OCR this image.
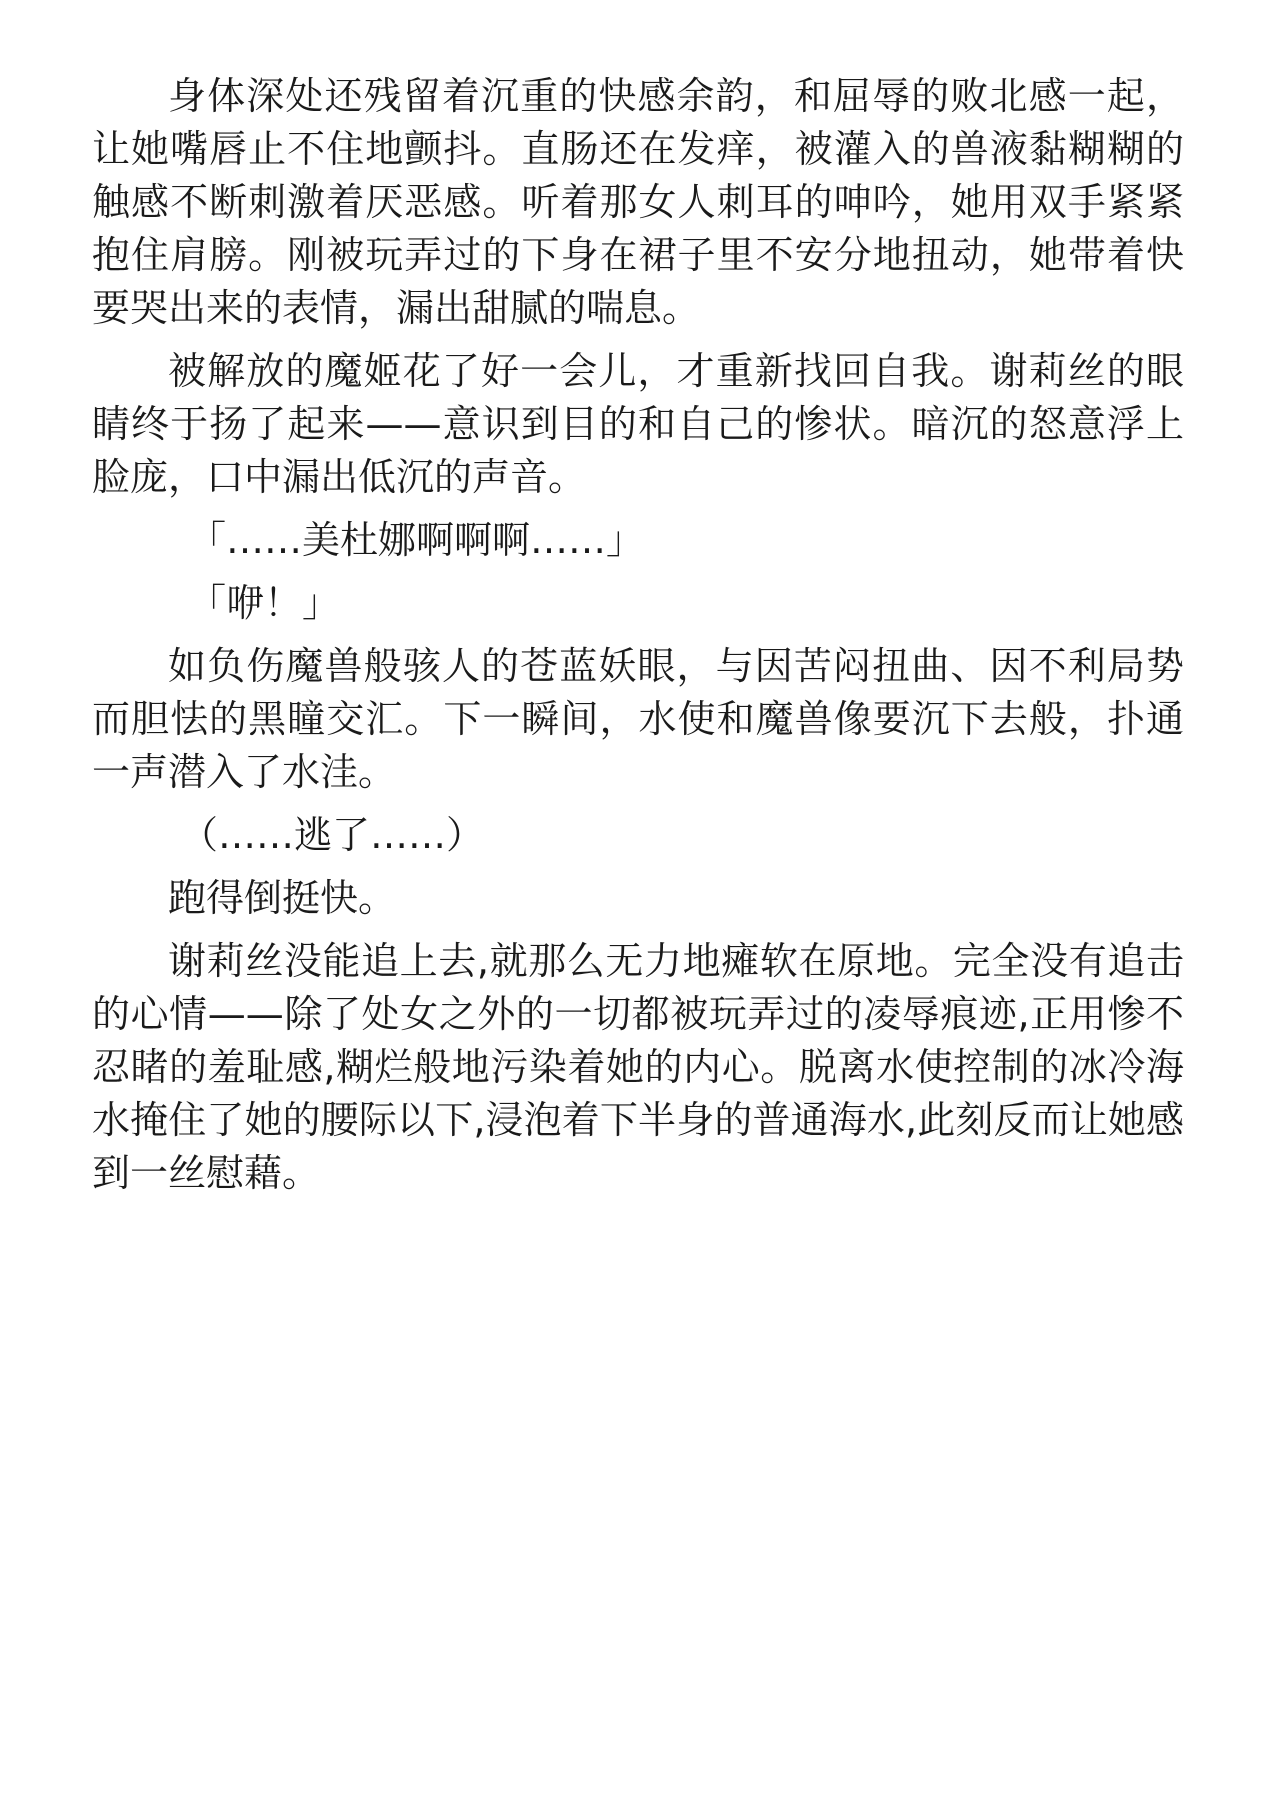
身体深处还残留着沉重的快感余韵，和屈辱的败北感一起，让她嘴唇止不住地颤抖。直肠还在发痒，被灌入的兽液黏糊糊的触感不断刺激着厌恶感。听着那女人刺耳的呻吟，她用双手紧紧抱住肩膀。刚被玩弄过的下身在裙子里不安分地扭动，她带着快要哭出来的表情，漏出甜腻的喘息。

被解放的魔姬花了好一会儿，才重新找回自我。谢莉丝的眼睛终于扬了起来——意识到目的和自己的惨状。暗沉的怒意浮上脸庞，口中漏出低沉的声音。

「……美杜娜啊啊啊……」

「咿！」

如负伤魔兽般骇人的苍蓝妖眼，与因苦闷扭曲、因不利局势而胆怯的黑瞳交汇。下一瞬间，水使和魔兽像要沉下去般，扑通一声潜入了水洼。

（……逃了……）

跑得倒挺快。

谢莉丝没能追上去,就那么无力地瘫软在原地。完全没有追击的心情——除了处女之外的一切都被玩弄过的凌辱痕迹,正用惨不忍睹的羞耻感,糊烂般地污染着她的内心。脱离水使控制的冰冷海水掩住了她的腰际以下,浸泡着下半身的普通海水,此刻反而让她感到一丝慰藉。
